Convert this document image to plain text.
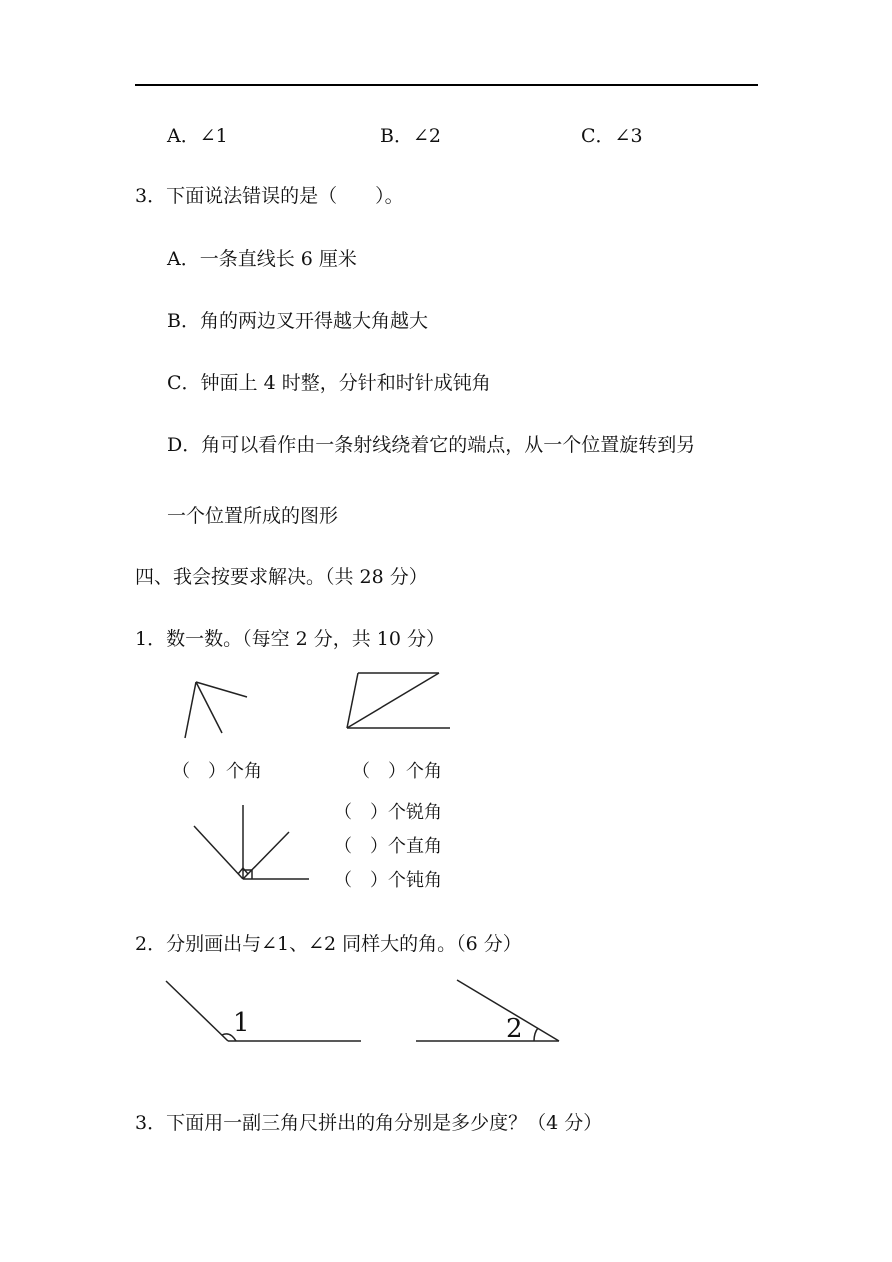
A．∠1	B．∠2	C．∠3
3．下面说法错误的是（　　）。
A．一条直线长 6 厘米
B．角的两边叉开得越大角越大
C．钟面上 4 时整，分针和时针成钝角
D．角可以看作由一条射线绕着它的端点，从一个位置旋转到另
一个位置所成的图形
四、我会按要求解决。（共 28 分）
1．数一数。（每空 2 分，共 10 分）
（　）个角	（　）个角
（　）个锐角
（　）个直角
（　）个钝角
2．分别画出与∠1、∠2 同样大的角。（6 分）
1	2
3．下面用一副三角尺拼出的角分别是多少度？（4 分）
